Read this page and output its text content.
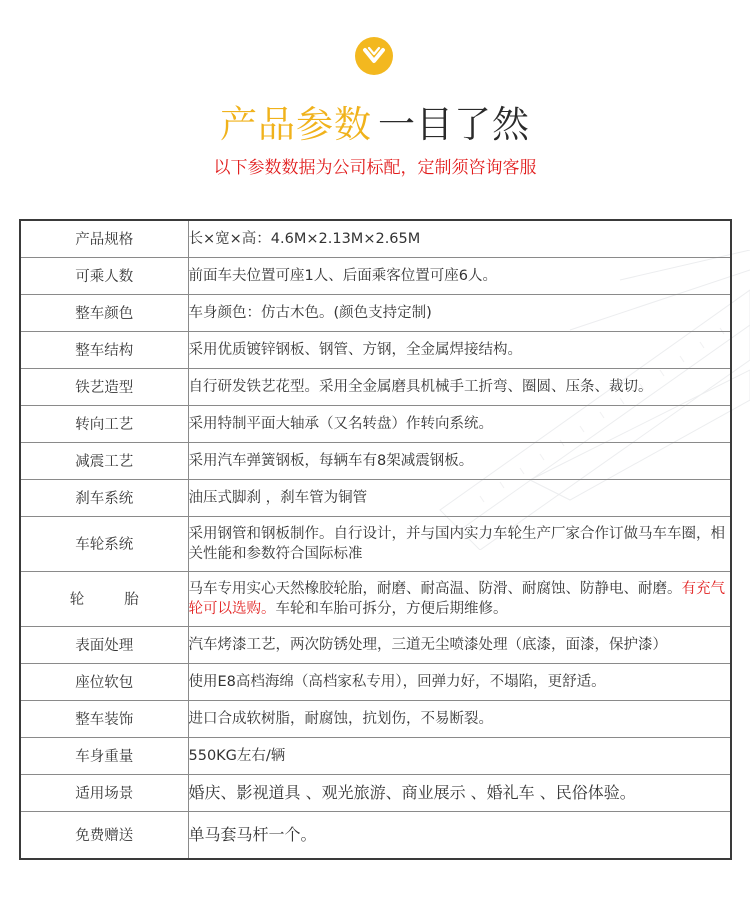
产品参数 一目了然
以下参数数据为公司标配，定制须咨询客服
产品规格	长×宽×高：4.6M×2.13M×2.65M
可乘人数	前面车夫位置可座1人、后面乘客位置可座6人。
整车颜色	车身颜色：仿古木色。(颜色支持定制)
整车结构	采用优质镀锌钢板、钢管、方钢，全金属焊接结构。
铁艺造型	自行研发铁艺花型。采用全金属磨具机械手工折弯、圈圆、压条、裁切。
转向工艺	采用特制平面大轴承（又名转盘）作转向系统。
减震工艺	采用汽车弹簧钢板，每辆车有8架减震钢板。
刹车系统	油压式脚刹 ，刹车管为铜管
车轮系统	采用钢管和钢板制作。自行设计，并与国内实力车轮生产厂家合作订做马车车圈，相关性能和参数符合国际标准
轮胎	马车专用实心天然橡胶轮胎，耐磨、耐高温、防滑、耐腐蚀、防静电、耐磨。有充气轮可以选购。车轮和车胎可拆分，方便后期维修。
表面处理	汽车烤漆工艺，两次防锈处理，三道无尘喷漆处理（底漆，面漆，保护漆）
座位软包	使用E8高档海绵（高档家私专用），回弹力好，不塌陷，更舒适。
整车装饰	进口合成软树脂，耐腐蚀，抗划伤，不易断裂。
车身重量	550KG左右/辆
适用场景	婚庆、影视道具 、观光旅游、商业展示 、婚礼车 、民俗体验。
免费赠送	单马套马杆一个。
